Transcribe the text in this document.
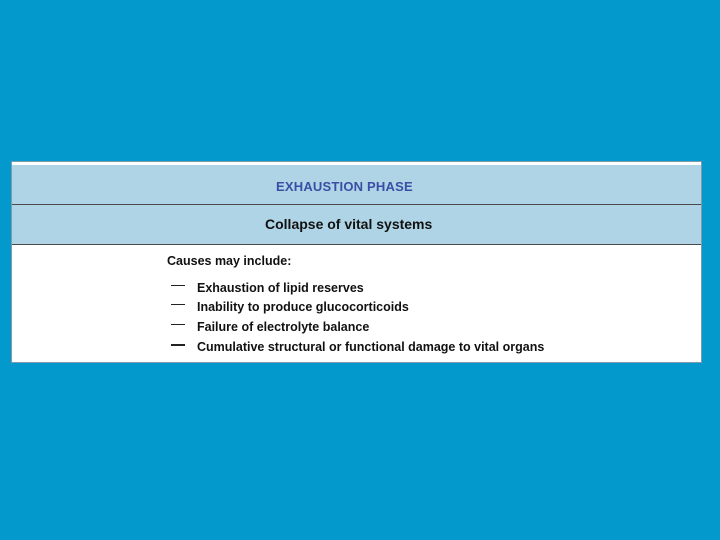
EXHAUSTION PHASE
Collapse of vital systems
Causes may include:
Exhaustion of lipid reserves
Inability to produce glucocorticoids
Failure of electrolyte balance
Cumulative structural or functional damage to vital organs
